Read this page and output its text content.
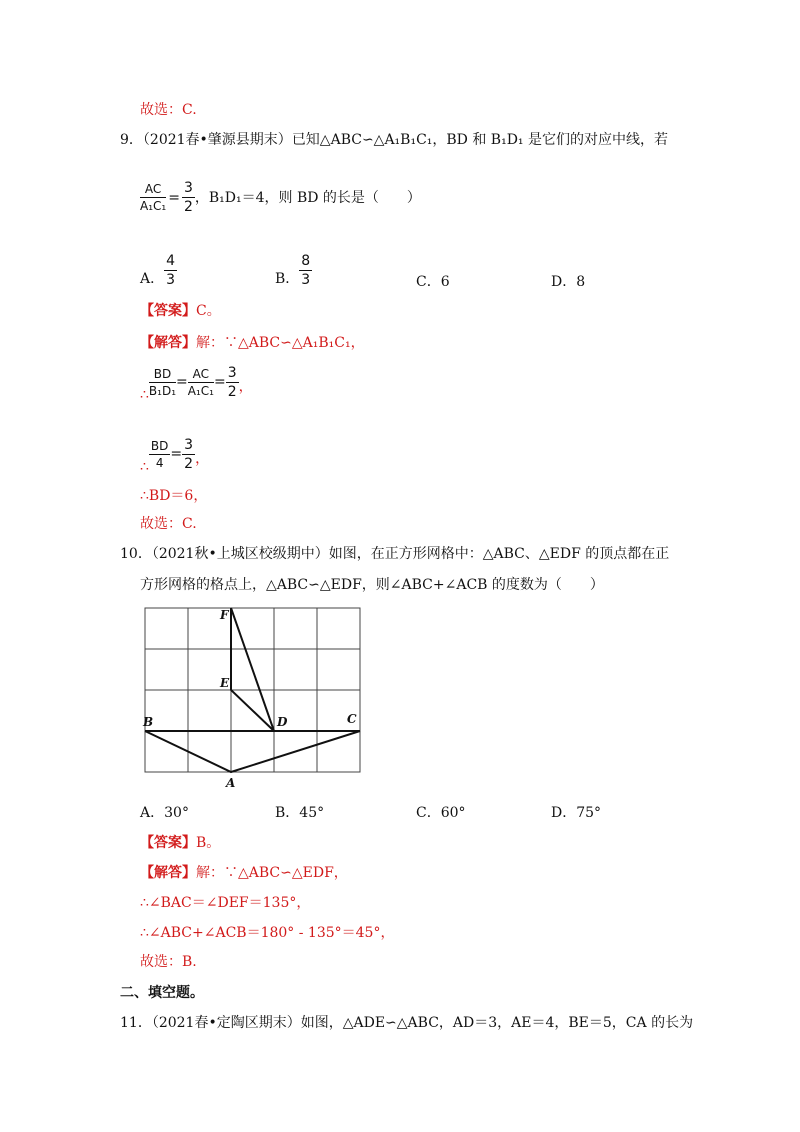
故选：C.
9．（2021春•肇源县期末）已知△ABC∽△A₁B₁C₁，BD 和 B₁D₁ 是它们的对应中线，若
$\frac{AC}{\text{A₁C₁}} = \frac{3}{2}$ ，B₁D₁＝4，则 BD 的长是（　　）
A． $\frac{4}{3}$	B． $\frac{8}{3}$	C．6	D．8
【答案】C。
【解答】解：∵△ABC∽△A₁B₁C₁，
∴ $\frac{BD}{\text{B₁D₁}} = \frac{AC}{\text{A₁C₁}} = \frac{3}{2}$ ，
∴ $\frac{BD}{4} = \frac{3}{2}$ ，
∴BD＝6，
故选：C.
10．（2021秋•上城区校级期中）如图，在正方形网格中：△ABC、△EDF 的顶点都在正
方形网格的格点上，△ABC∽△EDF，则∠ABC+∠ACB 的度数为（　　）
F
E
D
B	C
A
A．30°	B．45°	C．60°	D．75°
【答案】B。
【解答】解：∵△ABC∽△EDF，
∴∠BAC＝∠DEF＝135°，
∴∠ABC+∠ACB＝180° - 135°＝45°，
故选：B.
二、填空题。
11．（2021春•定陶区期末）如图，△ADE∽△ABC，AD＝3，AE＝4，BE＝5，CA 的长为
